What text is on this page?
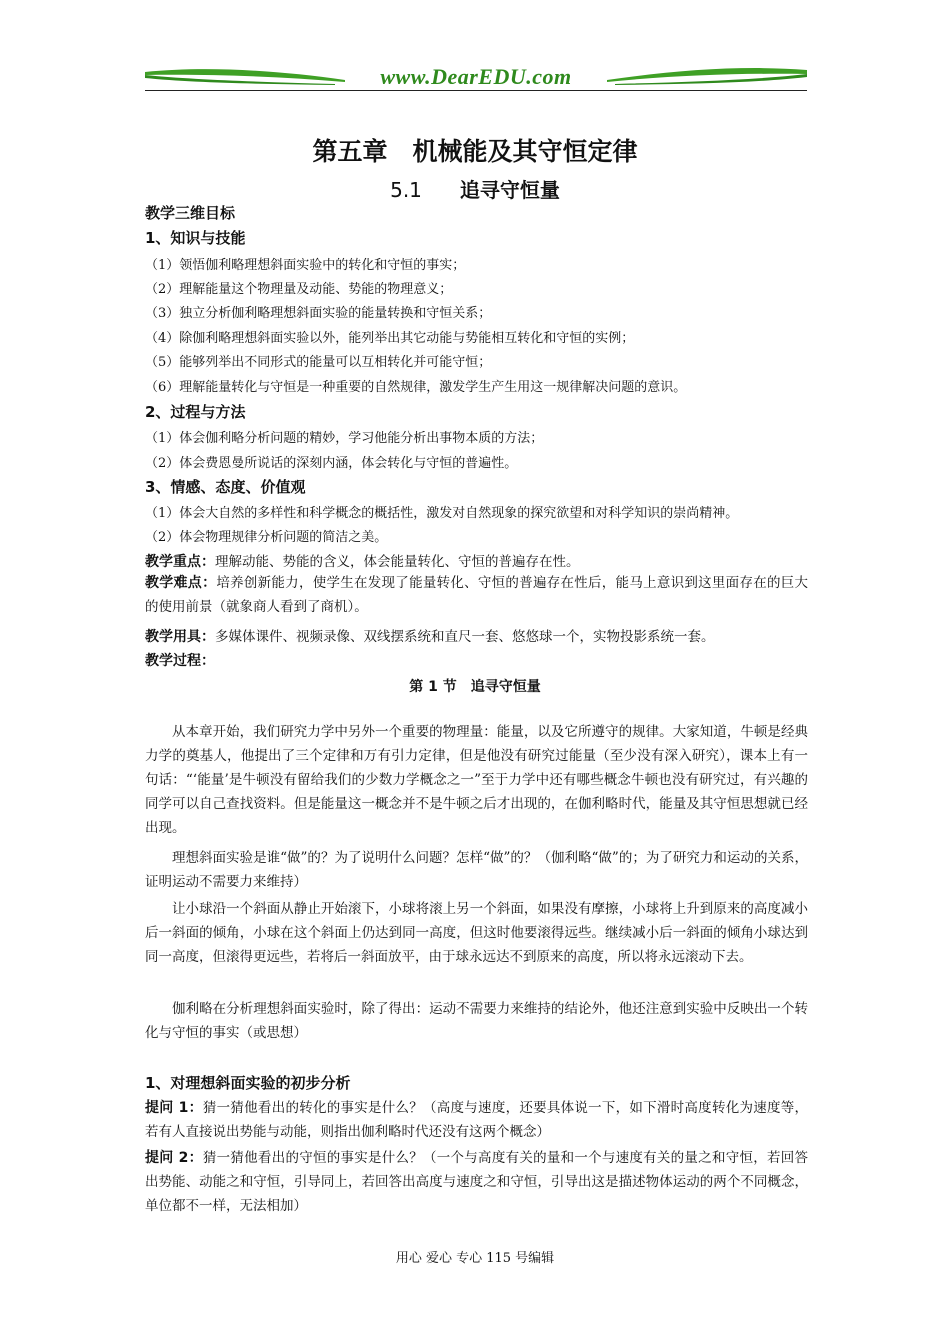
www.DearEDU.com
第五章　机械能及其守恒定律
5.1 追寻守恒量
教学三维目标
1、知识与技能
（1）领悟伽利略理想斜面实验中的转化和守恒的事实；
（2）理解能量这个物理量及动能、势能的物理意义；
（3）独立分析伽利略理想斜面实验的能量转换和守恒关系；
（4）除伽利略理想斜面实验以外，能列举出其它动能与势能相互转化和守恒的实例；
（5）能够列举出不同形式的能量可以互相转化并可能守恒；
（6）理解能量转化与守恒是一种重要的自然规律，激发学生产生用这一规律解决问题的意识。
2、过程与方法
（1）体会伽利略分析问题的精妙，学习他能分析出事物本质的方法；
（2）体会费恩曼所说话的深刻内涵，体会转化与守恒的普遍性。
3、情感、态度、价值观
（1）体会大自然的多样性和科学概念的概括性，激发对自然现象的探究欲望和对科学知识的崇尚精神。
（2）体会物理规律分析问题的简洁之美。
教学重点：理解动能、势能的含义，体会能量转化、守恒的普遍存在性。
教学难点：培养创新能力，使学生在发现了能量转化、守恒的普遍存在性后，能马上意识到这里面存在的巨大的使用前景（就象商人看到了商机）。
教学用具：多媒体课件、视频录像、双线摆系统和直尺一套、悠悠球一个，实物投影系统一套。
教学过程：
第 1 节　追寻守恒量
从本章开始，我们研究力学中另外一个重要的物理量：能量，以及它所遵守的规律。大家知道，牛顿是经典力学的奠基人，他提出了三个定律和万有引力定律，但是他没有研究过能量（至少没有深入研究），课本上有一句话：“‘能量’是牛顿没有留给我们的少数力学概念之一”至于力学中还有哪些概念牛顿也没有研究过，有兴趣的同学可以自己查找资料。但是能量这一概念并不是牛顿之后才出现的，在伽利略时代，能量及其守恒思想就已经出现。
理想斜面实验是谁“做”的？为了说明什么问题？怎样“做”的？（伽利略“做”的；为了研究力和运动的关系，证明运动不需要力来维持）
让小球沿一个斜面从静止开始滚下，小球将滚上另一个斜面，如果没有摩擦，小球将上升到原来的高度减小后一斜面的倾角，小球在这个斜面上仍达到同一高度，但这时他要滚得远些。继续减小后一斜面的倾角小球达到同一高度，但滚得更远些，若将后一斜面放平，由于球永远达不到原来的高度，所以将永远滚动下去。
伽利略在分析理想斜面实验时，除了得出：运动不需要力来维持的结论外，他还注意到实验中反映出一个转化与守恒的事实（或思想）
1、对理想斜面实验的初步分析
提问 1：猜一猜他看出的转化的事实是什么？（高度与速度，还要具体说一下，如下滑时高度转化为速度等，若有人直接说出势能与动能，则指出伽利略时代还没有这两个概念）
提问 2：猜一猜他看出的守恒的事实是什么？（一个与高度有关的量和一个与速度有关的量之和守恒，若回答出势能、动能之和守恒，引导同上，若回答出高度与速度之和守恒，引导出这是描述物体运动的两个不同概念，单位都不一样，无法相加）
用心 爱心 专心 115 号编辑
